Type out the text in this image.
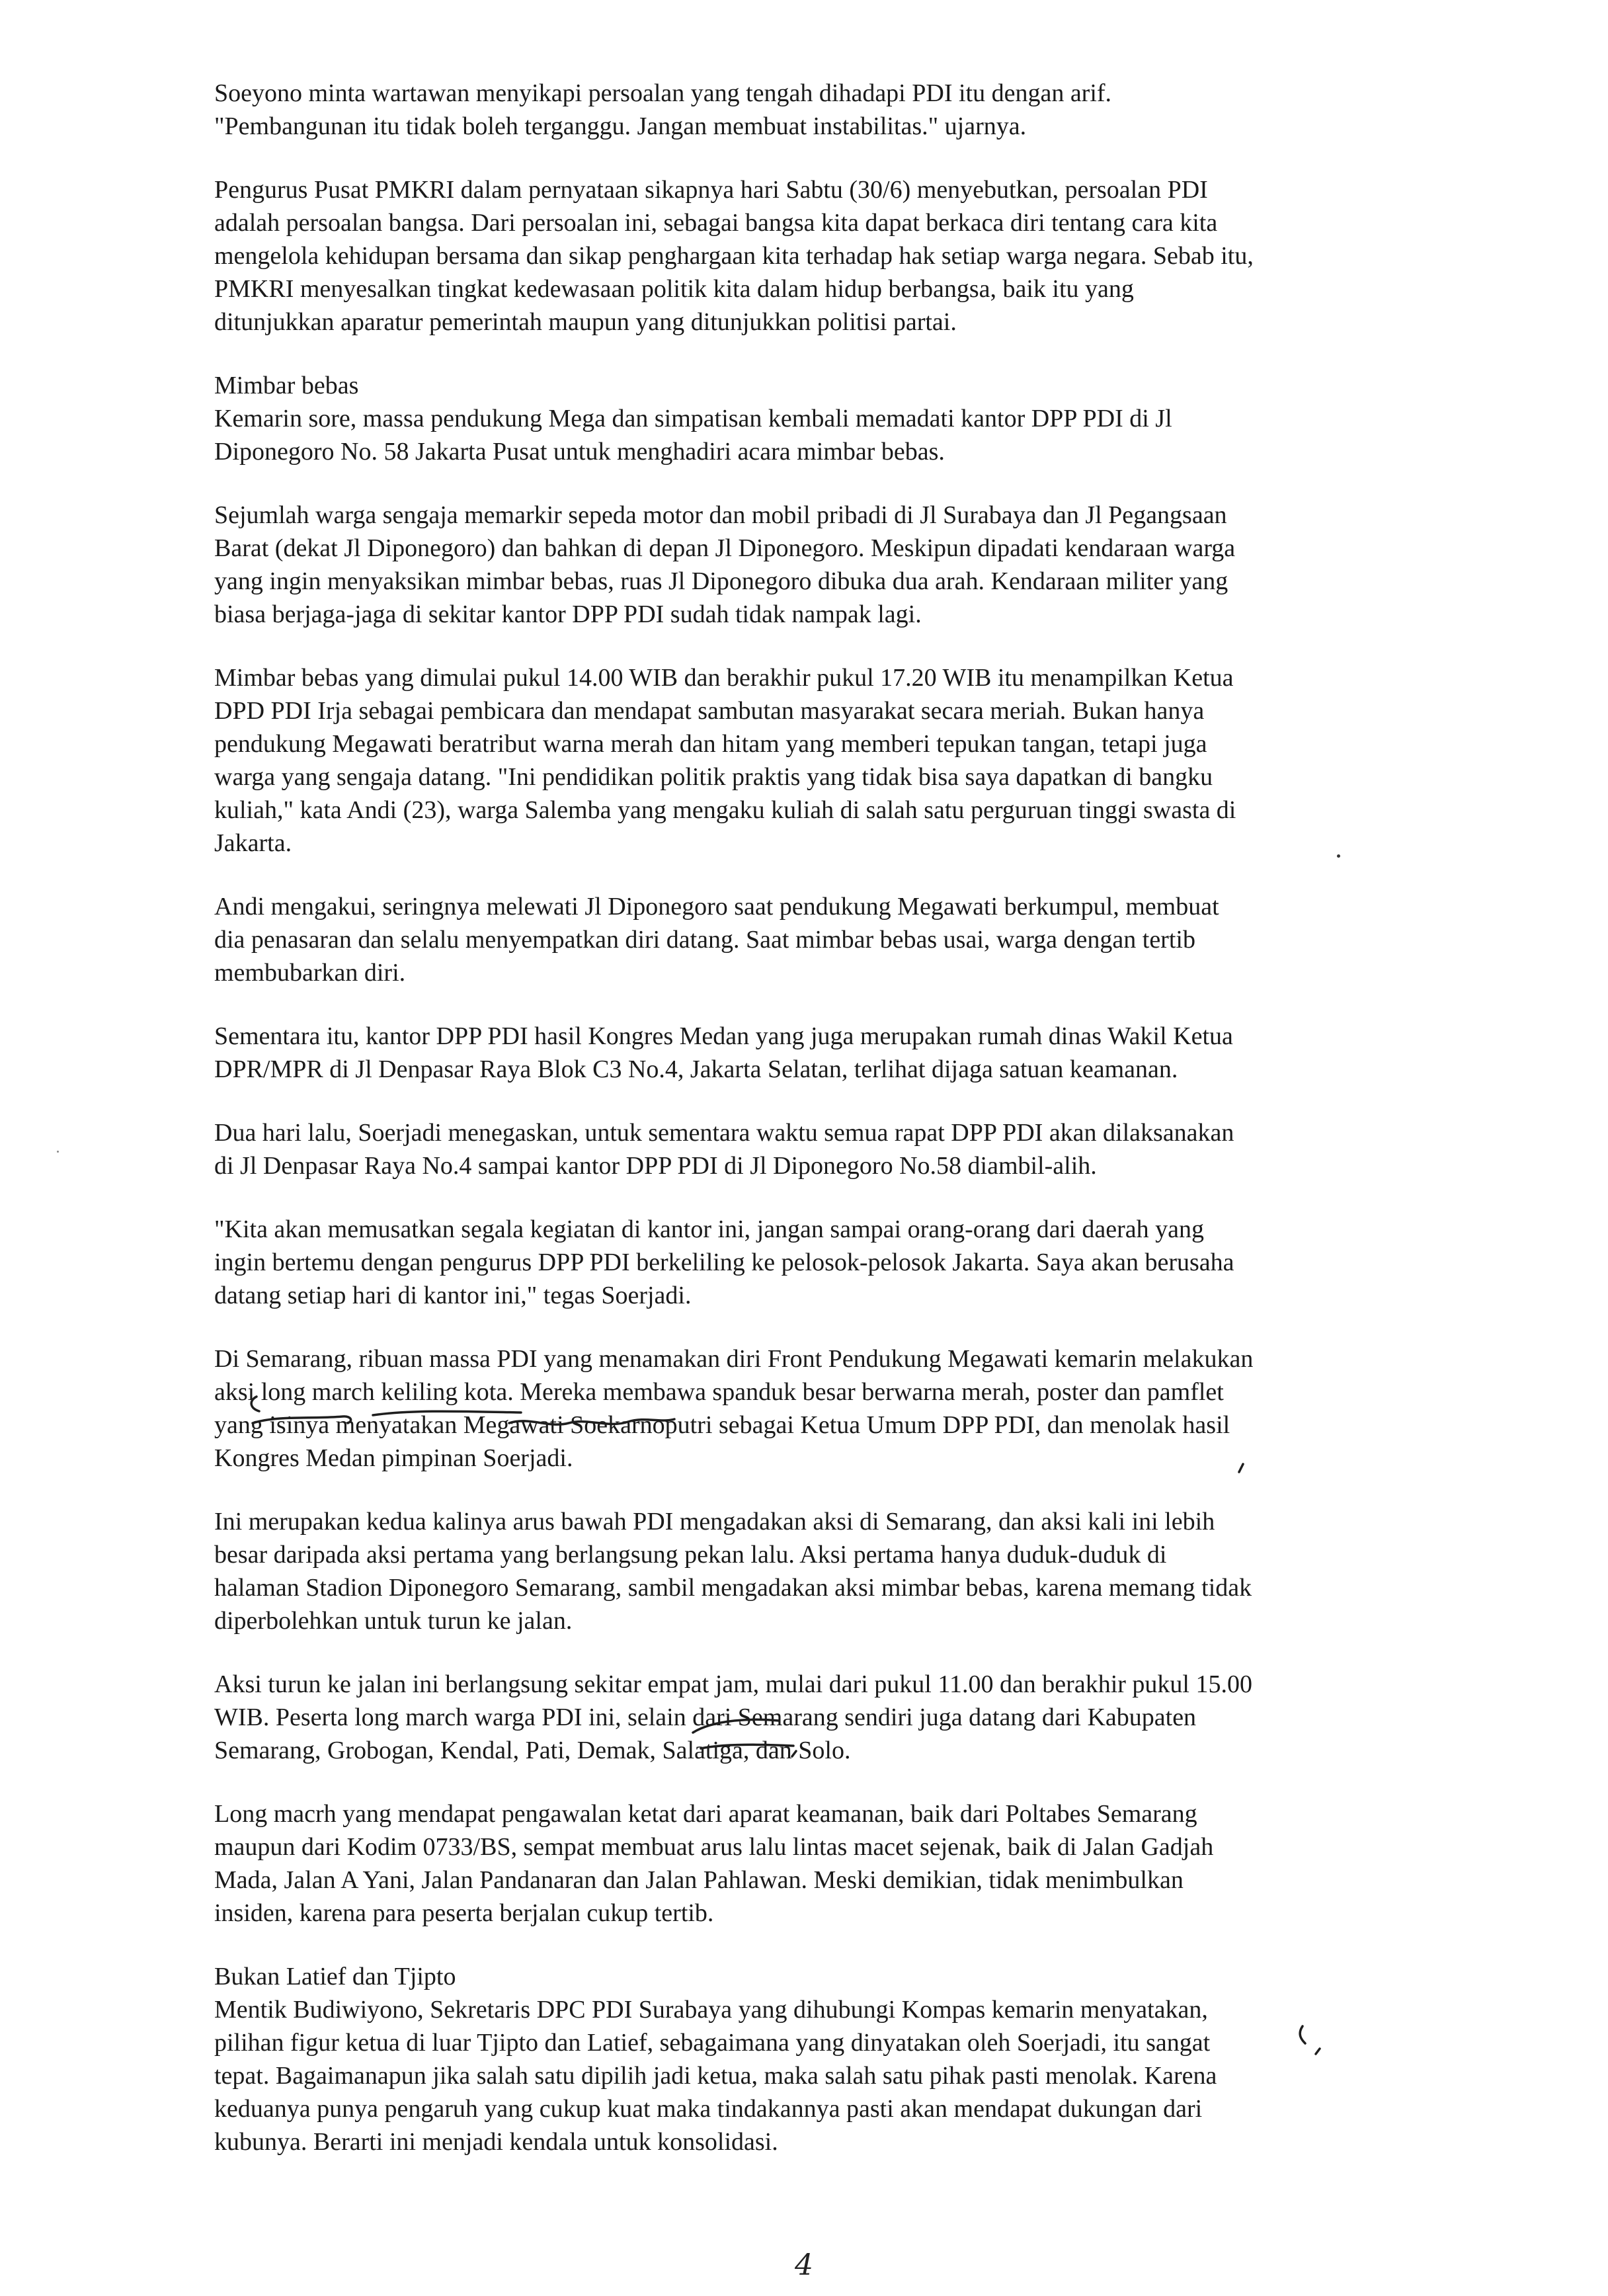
Soeyono minta wartawan menyikapi persoalan yang tengah dihadapi PDI itu dengan arif.
"Pembangunan itu tidak boleh terganggu. Jangan membuat instabilitas." ujarnya.

Pengurus Pusat PMKRI dalam pernyataan sikapnya hari Sabtu (30/6) menyebutkan, persoalan PDI
adalah persoalan bangsa. Dari persoalan ini, sebagai bangsa kita dapat berkaca diri tentang cara kita
mengelola kehidupan bersama dan sikap penghargaan kita terhadap hak setiap warga negara. Sebab itu,
PMKRI menyesalkan tingkat kedewasaan politik kita dalam hidup berbangsa, baik itu yang
ditunjukkan aparatur pemerintah maupun yang ditunjukkan politisi partai.

Mimbar bebas

Kemarin sore, massa pendukung Mega dan simpatisan kembali memadati kantor DPP PDI di Jl
Diponegoro No. 58 Jakarta Pusat untuk menghadiri acara mimbar bebas.

Sejumlah warga sengaja memarkir sepeda motor dan mobil pribadi di Jl Surabaya dan Jl Pegangsaan
Barat (dekat Jl Diponegoro) dan bahkan di depan Jl Diponegoro. Meskipun dipadati kendaraan warga
yang ingin menyaksikan mimbar bebas, ruas Jl Diponegoro dibuka dua arah. Kendaraan militer yang
biasa berjaga-jaga di sekitar kantor DPP PDI sudah tidak nampak lagi.

Mimbar bebas yang dimulai pukul 14.00 WIB dan berakhir pukul 17.20 WIB itu menampilkan Ketua
DPD PDI Irja sebagai pembicara dan mendapat sambutan masyarakat secara meriah. Bukan hanya
pendukung Megawati beratribut warna merah dan hitam yang memberi tepukan tangan, tetapi juga
warga yang sengaja datang. "Ini pendidikan politik praktis yang tidak bisa saya dapatkan di bangku
kuliah," kata Andi (23), warga Salemba yang mengaku kuliah di salah satu perguruan tinggi swasta di
Jakarta.

Andi mengakui, seringnya melewati Jl Diponegoro saat pendukung Megawati berkumpul, membuat
dia penasaran dan selalu menyempatkan diri datang. Saat mimbar bebas usai, warga dengan tertib
membubarkan diri.

Sementara itu, kantor DPP PDI hasil Kongres Medan yang juga merupakan rumah dinas Wakil Ketua
DPR/MPR di Jl Denpasar Raya Blok C3 No.4, Jakarta Selatan, terlihat dijaga satuan keamanan.

Dua hari lalu, Soerjadi menegaskan, untuk sementara waktu semua rapat DPP PDI akan dilaksanakan
di Jl Denpasar Raya No.4 sampai kantor DPP PDI di Jl Diponegoro No.58 diambil-alih.

"Kita akan memusatkan segala kegiatan di kantor ini, jangan sampai orang-orang dari daerah yang
ingin bertemu dengan pengurus DPP PDI berkeliling ke pelosok-pelosok Jakarta. Saya akan berusaha
datang setiap hari di kantor ini," tegas Soerjadi.

Di Semarang, ribuan massa PDI yang menamakan diri Front Pendukung Megawati kemarin melakukan
aksi long march keliling kota. Mereka membawa spanduk besar berwarna merah, poster dan pamflet
yang isinya menyatakan Megawati Soekarnoputri sebagai Ketua Umum DPP PDI, dan menolak hasil
Kongres Medan pimpinan Soerjadi.

Ini merupakan kedua kalinya arus bawah PDI mengadakan aksi di Semarang, dan aksi kali ini lebih
besar daripada aksi pertama yang berlangsung pekan lalu. Aksi pertama hanya duduk-duduk di
halaman Stadion Diponegoro Semarang, sambil mengadakan aksi mimbar bebas, karena memang tidak
diperbolehkan untuk turun ke jalan.

Aksi turun ke jalan ini berlangsung sekitar empat jam, mulai dari pukul 11.00 dan berakhir pukul 15.00
WIB. Peserta long march warga PDI ini, selain dari Semarang sendiri juga datang dari Kabupaten
Semarang, Grobogan, Kendal, Pati, Demak, Salatiga, dan Solo.

Long macrh yang mendapat pengawalan ketat dari aparat keamanan, baik dari Poltabes Semarang
maupun dari Kodim 0733/BS, sempat membuat arus lalu lintas macet sejenak, baik di Jalan Gadjah
Mada, Jalan A Yani, Jalan Pandanaran dan Jalan Pahlawan. Meski demikian, tidak menimbulkan
insiden, karena para peserta berjalan cukup tertib.

Bukan Latief dan Tjipto

Mentik Budiwiyono, Sekretaris DPC PDI Surabaya yang dihubungi Kompas kemarin menyatakan,
pilihan figur ketua di luar Tjipto dan Latief, sebagaimana yang dinyatakan oleh Soerjadi, itu sangat
tepat. Bagaimanapun jika salah satu dipilih jadi ketua, maka salah satu pihak pasti menolak. Karena
keduanya punya pengaruh yang cukup kuat maka tindakannya pasti akan mendapat dukungan dari
kubunya. Berarti ini menjadi kendala untuk konsolidasi.

4
